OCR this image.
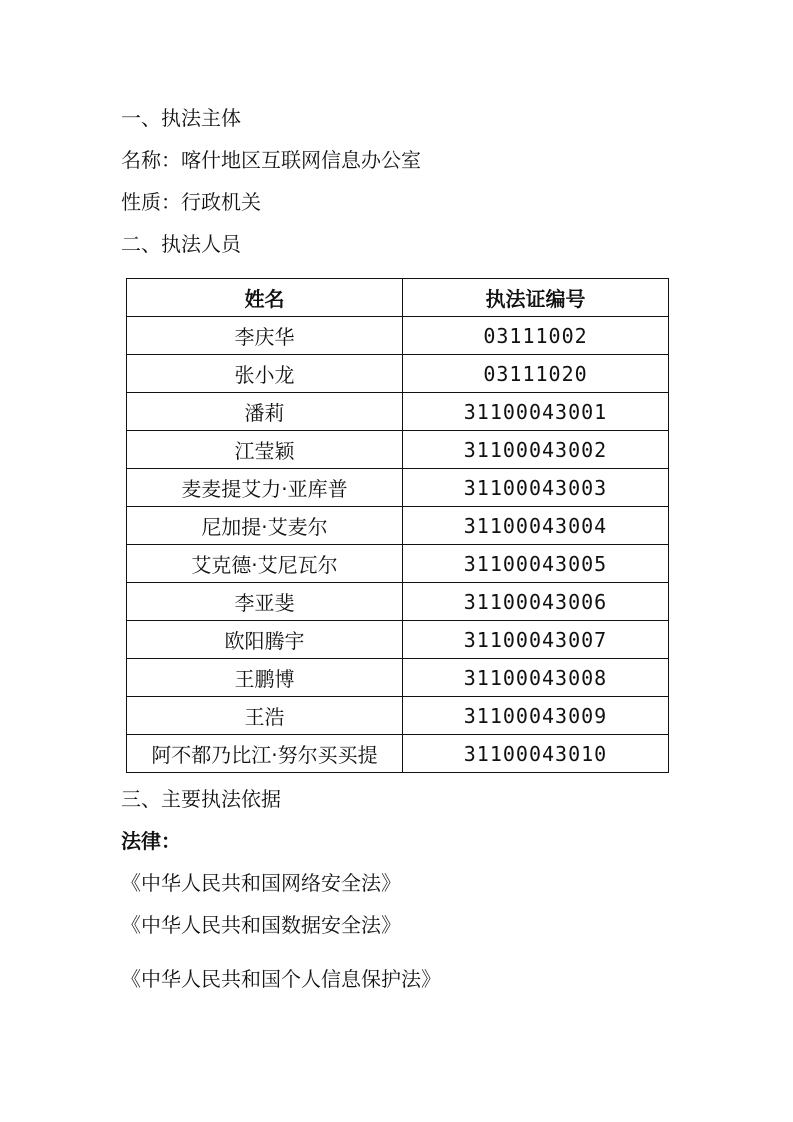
一、执法主体
名称：喀什地区互联网信息办公室
性质：行政机关
二、执法人员
姓名	执法证编号
李庆华	03111002
张小龙	03111020
潘莉	31100043001
江莹颖	31100043002
麦麦提艾力·亚库普	31100043003
尼加提·艾麦尔	31100043004
艾克德·艾尼瓦尔	31100043005
李亚斐	31100043006
欧阳腾宇	31100043007
王鹏博	31100043008
王浩	31100043009
阿不都乃比江·努尔买买提	31100043010
三、主要执法依据
法律：
《中华人民共和国网络安全法》
《中华人民共和国数据安全法》
《中华人民共和国个人信息保护法》
